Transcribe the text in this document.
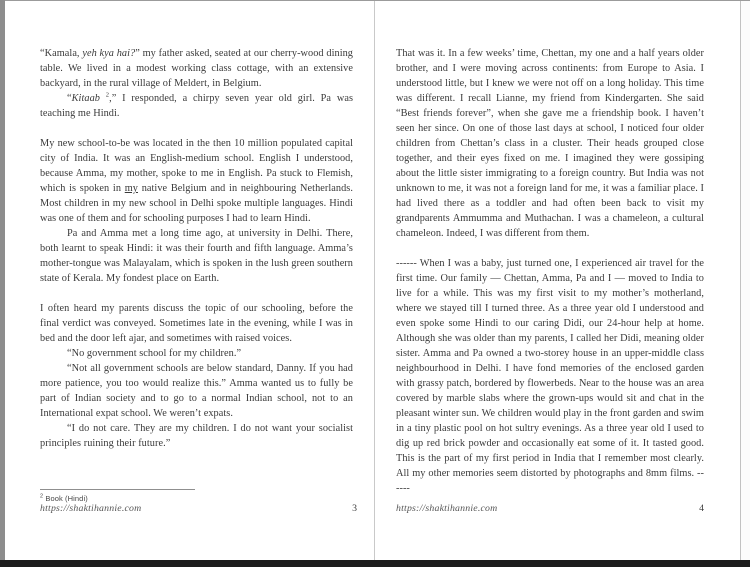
“Kamala, yeh kya hai?” my father asked, seated at our cherry-wood dining table. We lived in a modest working class cottage, with an extensive backyard, in the rural village of Meldert, in Belgium.

“Kitaab $^2$,” I responded, a chirpy seven year old girl. Pa was teaching me Hindi.

My new school-to-be was located in the then 10 million populated capital city of India. It was an English-medium school. English I understood, because Amma, my mother, spoke to me in English. Pa stuck to Flemish, which is spoken in my native Belgium and in neighbouring Netherlands. Most children in my new school in Delhi spoke multiple languages. Hindi was one of them and for schooling purposes I had to learn Hindi.

Pa and Amma met a long time ago, at university in Delhi. There, both learnt to speak Hindi: it was their fourth and fifth language. Amma’s mother-tongue was Malayalam, which is spoken in the lush green southern state of Kerala. My fondest place on Earth.

I often heard my parents discuss the topic of our schooling, before the final verdict was conveyed. Sometimes late in the evening, while I was in bed and the door left ajar, and sometimes with raised voices.

“No government school for my children.”

“Not all government schools are below standard, Danny. If you had more patience, you too would realize this.” Amma wanted us to fully be part of Indian society and to go to a normal Indian school, not to an International expat school. We weren’t expats.

“I do not care. They are my children. I do not want your socialist principles ruining their future.”

$^2$ Book (Hindi)
https://shaktihannie.com	3

That was it. In a few weeks’ time, Chettan, my one and a half years older brother, and I were moving across continents: from Europe to Asia. I understood little, but I knew we were not off on a long holiday. This time was different. I recall Lianne, my friend from Kindergarten. She said “Best friends forever”, when she gave me a friendship book. I haven’t seen her since. On one of those last days at school, I noticed four older children from Chettan’s class in a cluster. Their heads grouped close together, and their eyes fixed on me. I imagined they were gossiping about the little sister immigrating to a foreign country. But India was not unknown to me, it was not a foreign land for me, it was a familiar place. I had lived there as a toddler and had often been back to visit my grandparents Ammumma and Muthachan. I was a chameleon, a cultural chameleon. Indeed, I was different from them.

------ When I was a baby, just turned one, I experienced air travel for the first time. Our family — Chettan, Amma, Pa and I — moved to India to live for a while. This was my first visit to my mother’s motherland, where we stayed till I turned three. As a three year old I understood and even spoke some Hindi to our caring Didi, our 24-hour help at home. Although she was older than my parents, I called her Didi, meaning older sister. Amma and Pa owned a two-storey house in an upper-middle class neighbourhood in Delhi. I have fond memories of the enclosed garden with grassy patch, bordered by flowerbeds. Near to the house was an area covered by marble slabs where the grown-ups would sit and chat in the pleasant winter sun. We children would play in the front garden and swim in a tiny plastic pool on hot sultry evenings. As a three year old I used to dig up red brick powder and occasionally eat some of it. It tasted good. This is the part of my first period in India that I remember most clearly. All my other memories seem distorted by photographs and 8mm films. ------

https://shaktihannie.com	4
